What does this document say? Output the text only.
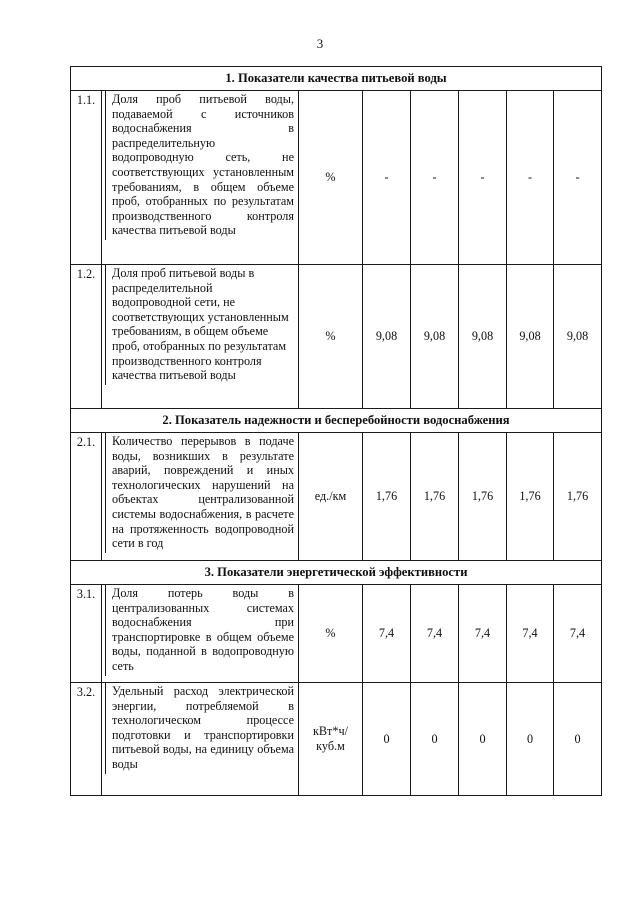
3
1. Показатели качества питьевой воды							
1.1.	Доля проб питьевой воды, подаваемой с источников водоснабжения в распределительную водопроводную сеть, не соответствующих установленным требованиям, в общем объеме проб, отобранных по результатам производственного контроля качества питьевой воды	%	-	-	-	-	-
1.2.	Доля проб питьевой воды в распределительной водопроводной сети, не соответствующих установленным требованиям, в общем объеме проб, отобранных по результатам производственного контроля качества питьевой воды	%	9,08	9,08	9,08	9,08	9,08
2. Показатель надежности и бесперебойности водоснабжения							
2.1.	Количество перерывов в подаче воды, возникших в результате аварий, повреждений и иных технологических нарушений на объектах централизованной системы водоснабжения, в расчете на протяженность водопроводной сети в год	ед./км	1,76	1,76	1,76	1,76	1,76
3. Показатели энергетической эффективности							
3.1.	Доля потерь воды в централизованных системах водоснабжения при транспортировке в общем объеме воды, поданной в водопроводную сеть	%	7,4	7,4	7,4	7,4	7,4
3.2.	Удельный расход электрической энергии, потребляемой в технологическом процессе подготовки и транспортировки питьевой воды, на единицу объема воды	кВт*ч/ куб.м	0	0	0	0	0
